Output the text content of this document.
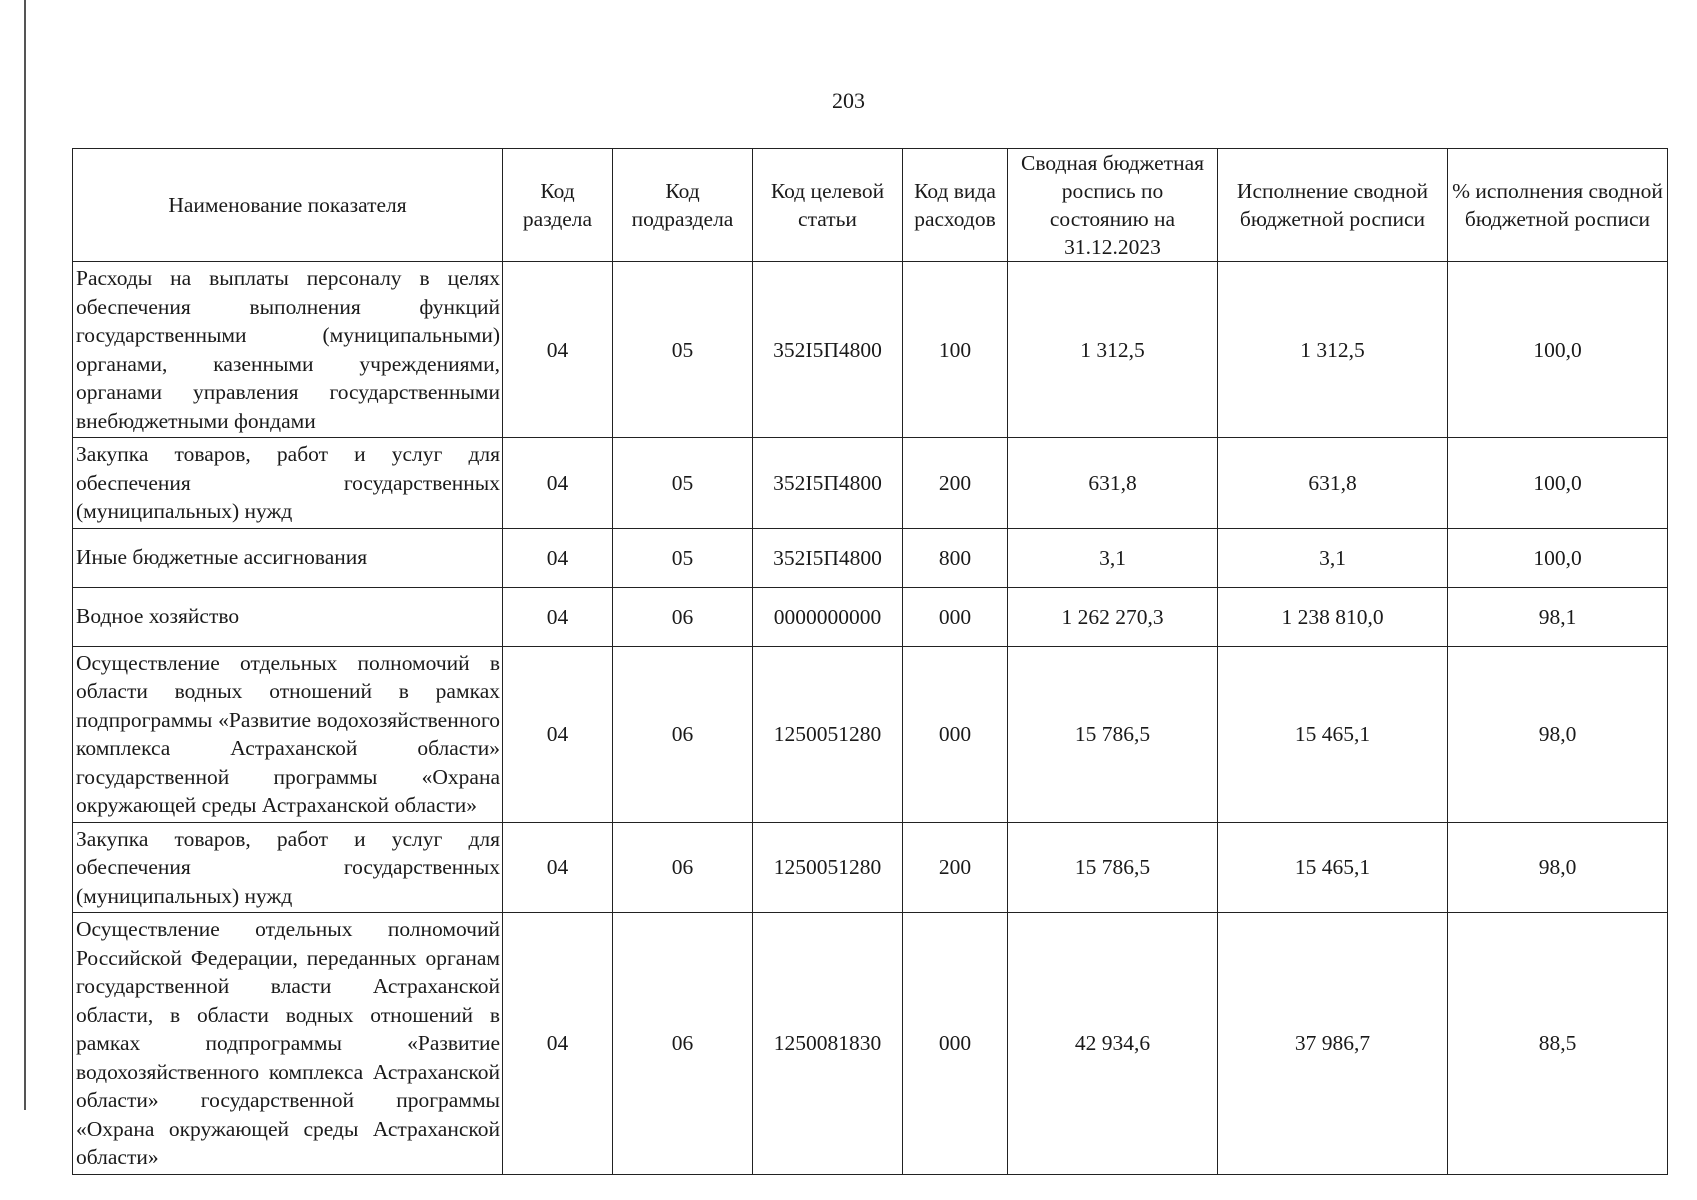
203
Наименование показателя	Код раздела	Код подраздела	Код целевой статьи	Код вида расходов	Сводная бюджетная роспись по состоянию на 31.12.2023	Исполнение сводной бюджетной росписи	% исполнения сводной бюджетной росписи
Расходы на выплаты персоналу в целях обеспечения выполнения функций государственными (муниципальными) органами, казенными учреждениями, органами управления государственными внебюджетными фондами	04	05	352I5П4800	100	1 312,5	1 312,5	100,0
Закупка товаров, работ и услуг для обеспечения государственных (муниципальных) нужд	04	05	352I5П4800	200	631,8	631,8	100,0
Иные бюджетные ассигнования	04	05	352I5П4800	800	3,1	3,1	100,0
Водное хозяйство	04	06	0000000000	000	1 262 270,3	1 238 810,0	98,1
Осуществление отдельных полномочий в области водных отношений в рамках подпрограммы «Развитие водохозяйственного комплекса Астраханской области» государственной программы «Охрана окружающей среды Астраханской области»	04	06	1250051280	000	15 786,5	15 465,1	98,0
Закупка товаров, работ и услуг для обеспечения государственных (муниципальных) нужд	04	06	1250051280	200	15 786,5	15 465,1	98,0
Осуществление отдельных полномочий Российской Федерации, переданных органам государственной власти Астраханской области, в области водных отношений в рамках подпрограммы «Развитие водохозяйственного комплекса Астраханской области» государственной программы «Охрана окружающей среды Астраханской области»	04	06	1250081830	000	42 934,6	37 986,7	88,5
